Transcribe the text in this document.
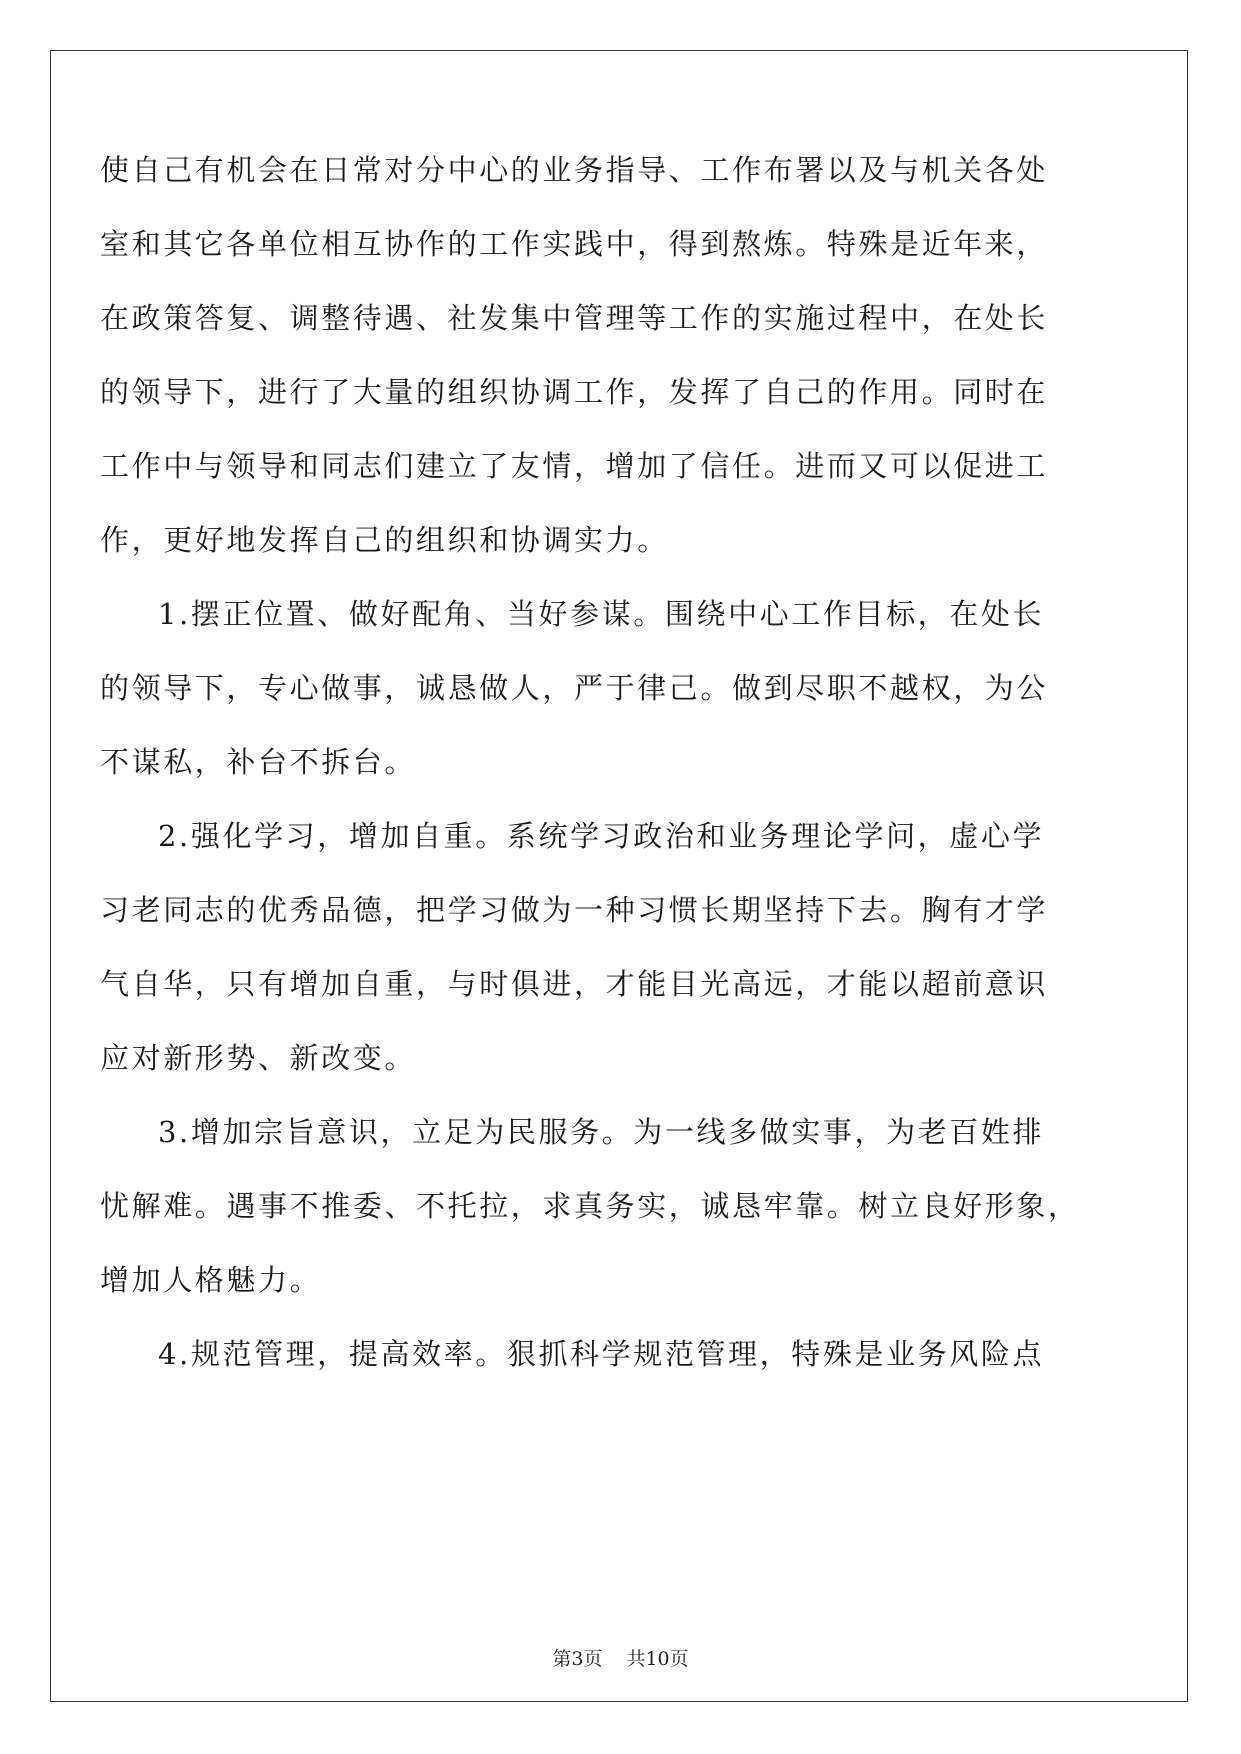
使自己有机会在日常对分中心的业务指导、工作布署以及与机关各处
室和其它各单位相互协作的工作实践中，得到熬炼。特殊是近年来，
在政策答复、调整待遇、社发集中管理等工作的实施过程中，在处长
的领导下，进行了大量的组织协调工作，发挥了自己的作用。同时在
工作中与领导和同志们建立了友情，增加了信任。进而又可以促进工
作，更好地发挥自己的组织和协调实力。
1.摆正位置、做好配角、当好参谋。围绕中心工作目标，在处长
的领导下，专心做事，诚恳做人，严于律己。做到尽职不越权，为公
不谋私，补台不拆台。
2.强化学习，增加自重。系统学习政治和业务理论学问，虚心学
习老同志的优秀品德，把学习做为一种习惯长期坚持下去。胸有才学
气自华，只有增加自重，与时俱进，才能目光高远，才能以超前意识
应对新形势、新改变。
3.增加宗旨意识，立足为民服务。为一线多做实事，为老百姓排
忧解难。遇事不推委、不托拉，求真务实，诚恳牢靠。树立良好形象，
增加人格魅力。
4.规范管理，提高效率。狠抓科学规范管理，特殊是业务风险点
第3页 共10页
